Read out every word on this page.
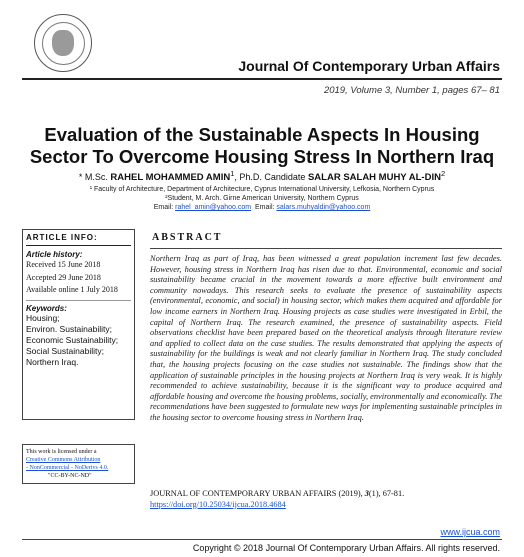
Journal Of Contemporary Urban Affairs
2019, Volume 3, Number 1, pages 67– 81
Evaluation of the Sustainable Aspects In Housing
Sector To Overcome Housing Stress In Northern Iraq
* M.Sc. RAHEL MOHAMMED AMIN$^1$, Ph.D. Candidate SALAR SALAH MUHY AL-DIN$^2$
¹ Faculty of Architecture, Department of Architecture, Cyprus International University, Lefkosia, Northern Cyprus
²Student, M. Arch. Girne American University, Northern Cyprus
Email: rahel_amin@yahoo.com Email: salars.muhyaldin@yahoo.com
ARTICLE INFO:
Article history:
Received 15 June 2018
Accepted 29 June 2018
Available online 1 July 2018
Keywords:
Housing;
Environ. Sustainability;
Economic Sustainability;
Social Sustainability;
Northern Iraq.
This work is licensed under a
Creative Commons Attribution
- NonCommercial - NoDerivs 4.0.
"CC-BY-NC-ND"
ABSTRACT
Northern Iraq as part of Iraq, has been witnessed a great population increment last few decades. However, housing stress in Northern Iraq has risen due to that. Environmental, economic and social sustainability became crucial in the movement towards a more effective built environment and community nowadays. This research seeks to evaluate the presence of sustainability aspects (environmental, economic, and social) in housing sector, which makes them acquired and affordable for low income earners in Northern Iraq. Housing projects as case studies were investigated in Erbil, the capital of Northern Iraq. The research examined, the presence of sustainability aspects. Field observations checklist have been prepared based on the theoretical analysis through literature review and applied to collect data on the case studies. The results demonstrated that applying the aspects of sustainability for the buildings is weak and not clearly familiar in Northern Iraq. The study concluded that, the housing projects focusing on the case studies not sustainable. The findings show that the application of sustainable principles in the housing projects at Northern Iraq is very weak. It is highly recommended to achieve sustainability, because it is the significant way to produce acquired and affordable housing and overcome the housing problems, socially, environmentally and economically. The recommendations have been suggested to formulate new ways for implementing sustainable principles in the housing sector to overcome housing stress in Northern Iraq.
JOURNAL OF CONTEMPORARY URBAN AFFAIRS (2019), 3(1), 67-81.
https://doi.org/10.25034/ijcua.2018.4684
www.ijcua.com
Copyright © 2018 Journal Of Contemporary Urban Affairs. All rights reserved.
